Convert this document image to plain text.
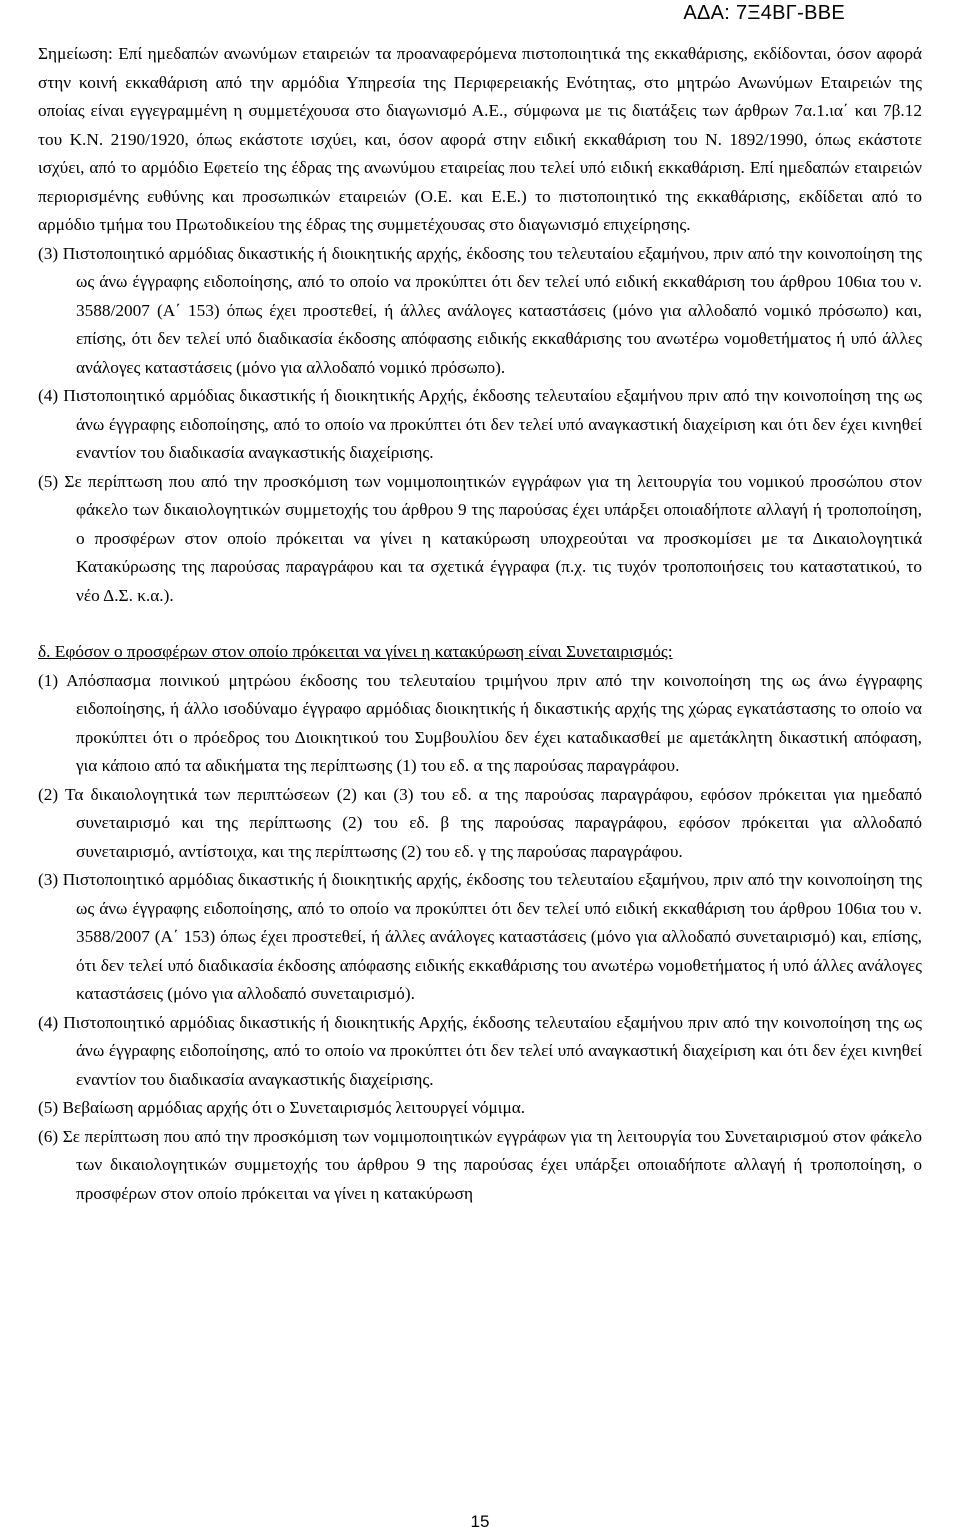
ΑΔΑ: 7Ξ4ΒΓ-ΒΒΕ

Σημείωση: Επί ημεδαπών ανωνύμων εταιρειών τα προαναφερόμενα πιστοποιητικά της εκκαθάρισης, εκδίδονται, όσον αφορά στην κοινή εκκαθάριση από την αρμόδια Υπηρεσία της Περιφερειακής Ενότητας, στο μητρώο Ανωνύμων Εταιρειών της οποίας είναι εγγεγραμμένη η συμμετέχουσα στο διαγωνισμό Α.Ε., σύμφωνα με τις διατάξεις των άρθρων 7α.1.ια΄ και 7β.12 του Κ.Ν. 2190/1920, όπως εκάστοτε ισχύει, και, όσον αφορά στην ειδική εκκαθάριση του Ν. 1892/1990, όπως εκάστοτε ισχύει, από το αρμόδιο Εφετείο της έδρας της ανωνύμου εταιρείας που τελεί υπό ειδική εκκαθάριση. Επί ημεδαπών εταιρειών περιορισμένης ευθύνης και προσωπικών εταιρειών (Ο.Ε. και Ε.Ε.) το πιστοποιητικό της εκκαθάρισης, εκδίδεται από το αρμόδιο τμήμα του Πρωτοδικείου της έδρας της συμμετέχουσας στο διαγωνισμό επιχείρησης.

(3) Πιστοποιητικό αρμόδιας δικαστικής ή διοικητικής αρχής, έκδοσης του τελευταίου εξαμήνου, πριν από την κοινοποίηση της ως άνω έγγραφης ειδοποίησης, από το οποίο να προκύπτει ότι δεν τελεί υπό ειδική εκκαθάριση του άρθρου 106ια του ν. 3588/2007 (Α΄ 153) όπως έχει προστεθεί, ή άλλες ανάλογες καταστάσεις (μόνο για αλλοδαπό νομικό πρόσωπο) και, επίσης, ότι δεν τελεί υπό διαδικασία έκδοσης απόφασης ειδικής εκκαθάρισης του ανωτέρω νομοθετήματος ή υπό άλλες ανάλογες καταστάσεις (μόνο για αλλοδαπό νομικό πρόσωπο).
(4) Πιστοποιητικό αρμόδιας δικαστικής ή διοικητικής Αρχής, έκδοσης τελευταίου εξαμήνου πριν από την κοινοποίηση της ως άνω έγγραφης ειδοποίησης, από το οποίο να προκύπτει ότι δεν τελεί υπό αναγκαστική διαχείριση και ότι δεν έχει κινηθεί εναντίον του διαδικασία αναγκαστικής διαχείρισης.
(5) Σε περίπτωση που από την προσκόμιση των νομιμοποιητικών εγγράφων για τη λειτουργία του νομικού προσώπου στον φάκελο των δικαιολογητικών συμμετοχής του άρθρου 9 της παρούσας έχει υπάρξει οποιαδήποτε αλλαγή ή τροποποίηση, ο προσφέρων στον οποίο πρόκειται να γίνει η κατακύρωση υποχρεούται να προσκομίσει με τα Δικαιολογητικά Κατακύρωσης της παρούσας παραγράφου και τα σχετικά έγγραφα (π.χ. τις τυχόν τροποποιήσεις του καταστατικού, το νέο Δ.Σ. κ.α.).

δ. Εφόσον ο προσφέρων στον οποίο πρόκειται να γίνει η κατακύρωση είναι Συνεταιρισμός:

(1) Απόσπασμα ποινικού μητρώου έκδοσης του τελευταίου τριμήνου πριν από την κοινοποίηση της ως άνω έγγραφης ειδοποίησης, ή άλλο ισοδύναμο έγγραφο αρμόδιας διοικητικής ή δικαστικής αρχής της χώρας εγκατάστασης το οποίο να προκύπτει ότι ο πρόεδρος του Διοικητικού του Συμβουλίου δεν έχει καταδικασθεί με αμετάκλητη δικαστική απόφαση, για κάποιο από τα αδικήματα της περίπτωσης (1) του εδ. α της παρούσας παραγράφου.
(2) Τα δικαιολογητικά των περιπτώσεων (2) και (3) του εδ. α της παρούσας παραγράφου, εφόσον πρόκειται για ημεδαπό συνεταιρισμό και της περίπτωσης (2) του εδ. β της παρούσας παραγράφου, εφόσον πρόκειται για αλλοδαπό συνεταιρισμό, αντίστοιχα, και της περίπτωσης (2) του εδ. γ της παρούσας παραγράφου.
(3) Πιστοποιητικό αρμόδιας δικαστικής ή διοικητικής αρχής, έκδοσης του τελευταίου εξαμήνου, πριν από την κοινοποίηση της ως άνω έγγραφης ειδοποίησης, από το οποίο να προκύπτει ότι δεν τελεί υπό ειδική εκκαθάριση του άρθρου 106ια του ν. 3588/2007 (Α΄ 153) όπως έχει προστεθεί, ή άλλες ανάλογες καταστάσεις (μόνο για αλλοδαπό συνεταιρισμό) και, επίσης, ότι δεν τελεί υπό διαδικασία έκδοσης απόφασης ειδικής εκκαθάρισης του ανωτέρω νομοθετήματος ή υπό άλλες ανάλογες καταστάσεις (μόνο για αλλοδαπό συνεταιρισμό).
(4) Πιστοποιητικό αρμόδιας δικαστικής ή διοικητικής Αρχής, έκδοσης τελευταίου εξαμήνου πριν από την κοινοποίηση της ως άνω έγγραφης ειδοποίησης, από το οποίο να προκύπτει ότι δεν τελεί υπό αναγκαστική διαχείριση και ότι δεν έχει κινηθεί εναντίον του διαδικασία αναγκαστικής διαχείρισης.
(5) Βεβαίωση αρμόδιας αρχής ότι ο Συνεταιρισμός λειτουργεί νόμιμα.
(6) Σε περίπτωση που από την προσκόμιση των νομιμοποιητικών εγγράφων για τη λειτουργία του Συνεταιρισμού στον φάκελο των δικαιολογητικών συμμετοχής του άρθρου 9 της παρούσας έχει υπάρξει οποιαδήποτε αλλαγή ή τροποποίηση, ο προσφέρων στον οποίο πρόκειται να γίνει η κατακύρωση
15
